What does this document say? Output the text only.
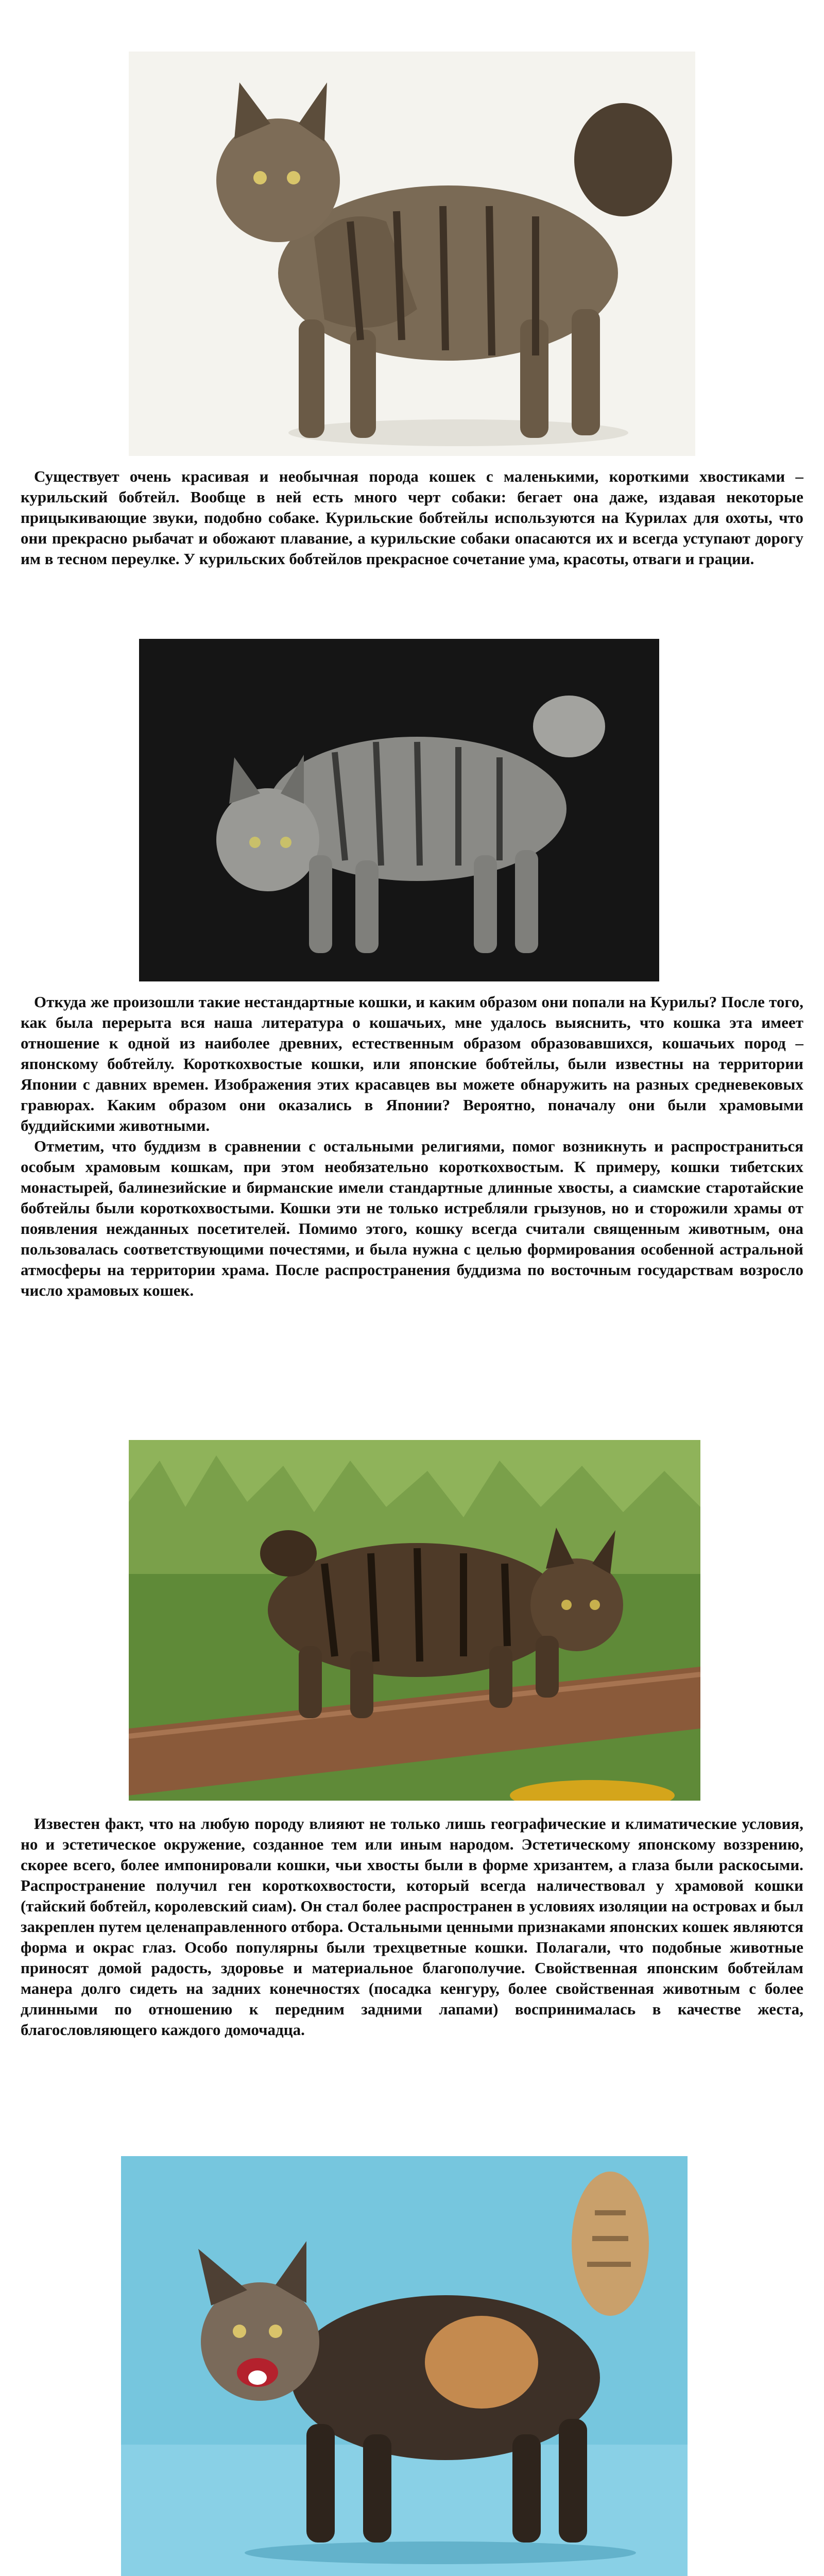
Существует очень красивая и необычная порода кошек с маленькими, короткими хвостиками – курильский бобтейл. Вообще в ней есть много черт собаки: бегает она даже, издавая некоторые прицыкивающие звуки, подобно собаке. Курильские бобтейлы используются на Курилах для охоты, что они прекрасно рыбачат и обожают плавание, а курильские собаки опасаются их и всегда уступают дорогу им в тесном переулке. У курильских бобтейлов прекрасное сочетание ума, красоты, отваги и грации.

Откуда же произошли такие нестандартные кошки, и каким образом они попали на Курилы? После того, как была перерыта вся наша литература о кошачьих, мне удалось выяснить, что кошка эта имеет отношение к одной из наиболее древних, естественным образом образовавшихся, кошачьих пород – японскому бобтейлу. Короткохвостые кошки, или японские бобтейлы, были известны на территории Японии с давних времен. Изображения этих красавцев вы можете обнаружить на разных средневековых гравюрах. Каким образом они оказались в Японии? Вероятно, поначалу они были храмовыми буддийскими животными.

Отметим, что буддизм в сравнении с остальными религиями, помог возникнуть и распространиться особым храмовым кошкам, при этом необязательно короткохвостым. К примеру, кошки тибетских монастырей, балинезийские и бирманские имели стандартные длинные хвосты, а сиамские старотайские бобтейлы были короткохвостыми. Кошки эти не только истребляли грызунов, но и сторожили храмы от появления нежданных посетителей. Помимо этого, кошку всегда считали священным животным, она пользовалась соответствующими почестями, и была нужна с целью формирования особенной астральной атмосферы на территории храма. После распространения буддизма по восточным государствам возросло число храмовых кошек.

Известен факт, что на любую породу влияют не только лишь географические и климатические условия, но и эстетическое окружение, созданное тем или иным народом. Эстетическому японскому воззрению, скорее всего, более импонировали кошки, чьи хвосты были в форме хризантем, а глаза были раскосыми. Распространение получил ген короткохвостости, который всегда наличествовал у храмовой кошки (тайский бобтейл, королевский сиам). Он стал более распространен в условиях изоляции на островах и был закреплен путем целенаправленного отбора. Остальными ценными признаками японских кошек являются форма и окрас глаз. Особо популярны были трехцветные кошки. Полагали, что подобные животные приносят домой радость, здоровье и материальное благополучие. Свойственная японским бобтейлам манера долго сидеть на задних конечностях (посадка кенгуру, более свойственная животным с более длинными по отношению к передним задними лапами) воспринималась в качестве жеста, благословляющего каждого домочадца.
